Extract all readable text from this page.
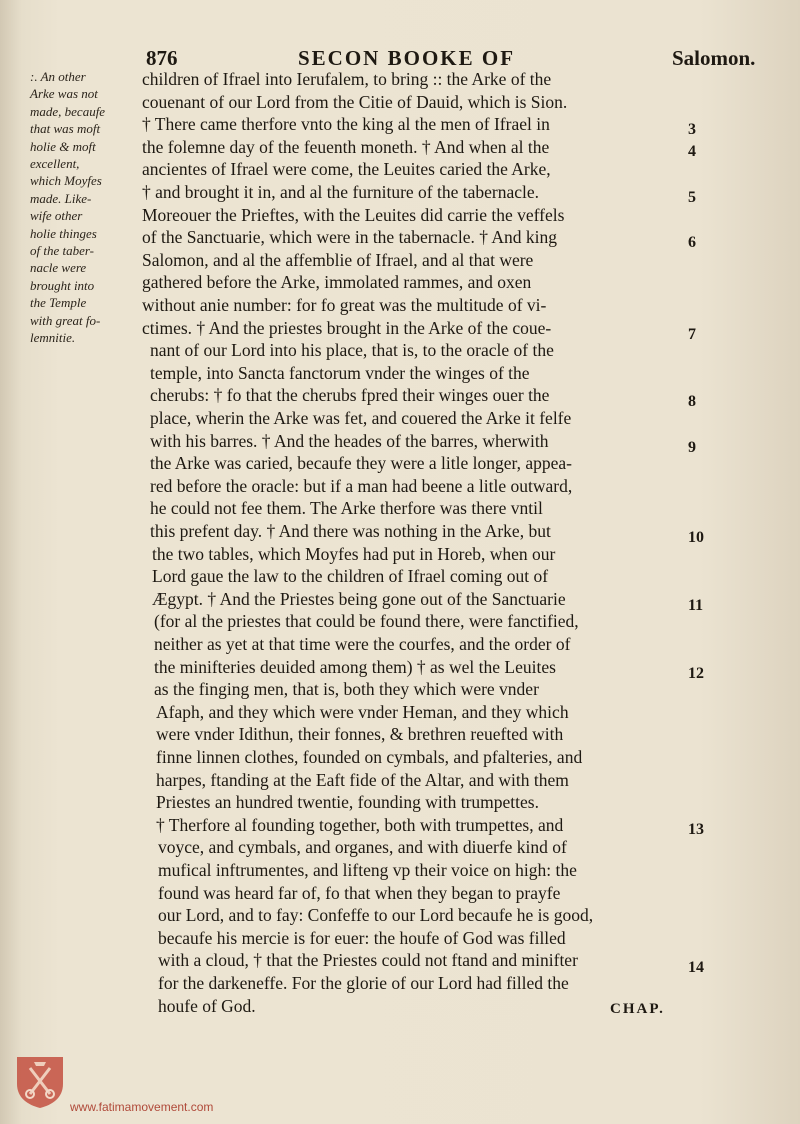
876	SECON BOOKE OF	Salomon.
:. An other
Arke was not
made, becaufe
that was moft
holie & moft
excellent,
which Moyfes
made. Like-
wife other
holie thinges
of the taber-
nacle were
brought into
the Temple
with great fo-
lemnitie.
children of Ifrael into Ierufalem, to bring :: the Arke of the
couenant of our Lord from the Citie of Dauid, which is Sion.
† There came therfore vnto the king al the men of Ifrael in
the folemne day of the feuenth moneth. † And when al the
ancientes of Ifrael were come, the Leuites caried the Arke,
† and brought it in, and al the furniture of the tabernacle.
Moreouer the Prieftes, with the Leuites did carrie the veffels
of the Sanctuarie, which were in the tabernacle. † And king
Salomon, and al the affemblie of Ifrael, and al that were
gathered before the Arke, immolated rammes, and oxen
without anie number: for fo great was the multitude of vi-
ctimes. † And the priestes brought in the Arke of the coue-
nant of our Lord into his place, that is, to the oracle of the
temple, into Sancta fanctorum vnder the winges of the
cherubs: † fo that the cherubs fpred their winges ouer the
place, wherin the Arke was fet, and couered the Arke it felfe
with his barres. † And the heades of the barres, wherwith
the Arke was caried, becaufe they were a litle longer, appea-
red before the oracle: but if a man had beene a litle outward,
he could not fee them. The Arke therfore was there vntil
this prefent day. † And there was nothing in the Arke, but
the two tables, which Moyfes had put in Horeb, when our
Lord gaue the law to the children of Ifrael coming out of
Ægypt. † And the Priestes being gone out of the Sanctuarie
(for al the priestes that could be found there, were fanctified,
neither as yet at that time were the courfes, and the order of
the minifteries deuided among them) † as wel the Leuites
as the finging men, that is, both they which were vnder
Afaph, and they which were vnder Heman, and they which
were vnder Idithun, their fonnes, & brethren reuefted with
finne linnen clothes, founded on cymbals, and pfalteries, and
harpes, ftanding at the Eaft fide of the Altar, and with them
Priestes an hundred twentie, founding with trumpettes.
† Therfore al founding together, both with trumpettes, and
voyce, and cymbals, and organes, and with diuerfe kind of
mufical inftrumentes, and lifteng vp their voice on high: the
found was heard far of, fo that when they began to prayfe
our Lord, and to fay: Confeffe to our Lord becaufe he is good,
becaufe his mercie is for euer: the houfe of God was filled
with a cloud, † that the Priestes could not ftand and minifter
for the darkeneffe. For the glorie of our Lord had filled the
houfe of God.
3
4
5
6
7
8
9
10
11
12
13
14
CHAP.
www.fatimamovement.com
